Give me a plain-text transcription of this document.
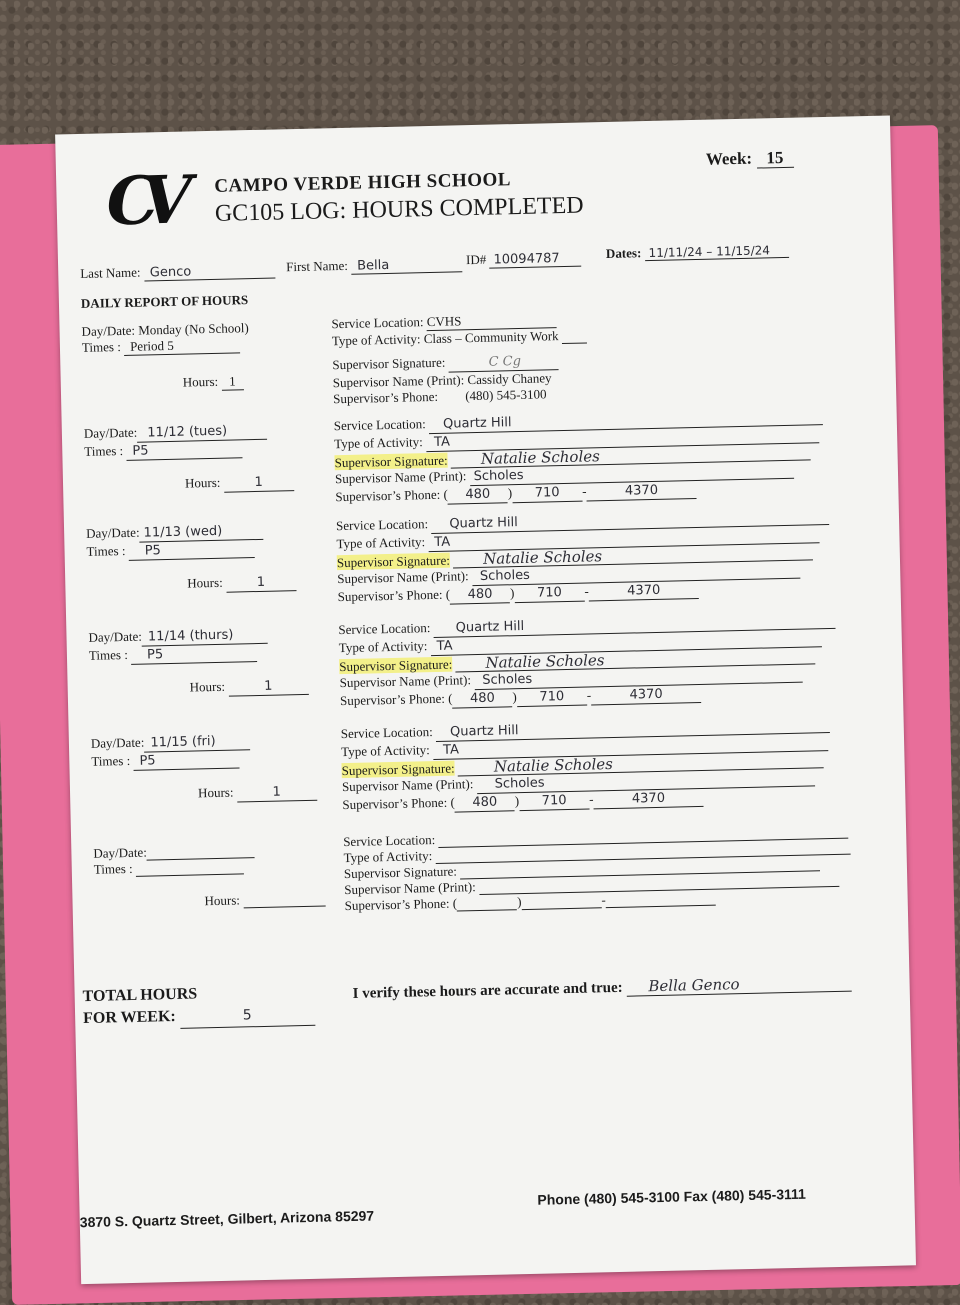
CV	CAMPO VERDE HIGH SCHOOL
GC105 LOG: HOURS COMPLETED
Week: 15
Last Name: Genco	First Name: Bella	ID# 10094787	Dates: 11/11/24 – 11/15/24
DAILY REPORT OF HOURS
Day/Date: Monday (No School)
Times : Period 5
Hours: 1
Service Location: CVHS
Type of Activity: Class – Community Work
Supervisor Signature:	C Cg
Supervisor Name (Print): Cassidy Chaney
Supervisor’s Phone: (480) 545-3100
Day/Date: 11/12 (tues)
Times : P5
Hours:	1
Service Location: Quartz Hill
Type of Activity: TA
Supervisor Signature: Natalie Scholes
Supervisor Name (Print): Scholes
Supervisor’s Phone: ( 480 ) 710 -	4370
Day/Date: 11/13 (wed)
Times : P5
Hours:	1
Service Location: Quartz Hill
Type of Activity: TA
Supervisor Signature: Natalie Scholes
Supervisor Name (Print): Scholes
Supervisor’s Phone: ( 480 ) 710 -	4370
Day/Date: 11/14 (thurs)
Times : P5
Hours:	1
Service Location: Quartz Hill
Type of Activity: TA
Supervisor Signature: Natalie Scholes
Supervisor Name (Print): Scholes
Supervisor’s Phone: ( 480 ) 710 -	4370
Day/Date: 11/15 (fri)
Times : P5
Hours:	1
Service Location: Quartz Hill
Type of Activity: TA
Supervisor Signature:	Natalie Scholes
Supervisor Name (Print): Scholes
Supervisor’s Phone: ( 480 ) 710 -	4370
Day/Date:
Times :
Hours:
Service Location:
Type of Activity:
Supervisor Signature:
Supervisor Name (Print):
Supervisor’s Phone: (	)	-
TOTAL HOURS
FOR WEEK:	5
I verify these hours are accurate and true: Bella Genco
3870 S. Quartz Street, Gilbert, Arizona 85297
Phone (480) 545-3100 Fax (480) 545-3111
